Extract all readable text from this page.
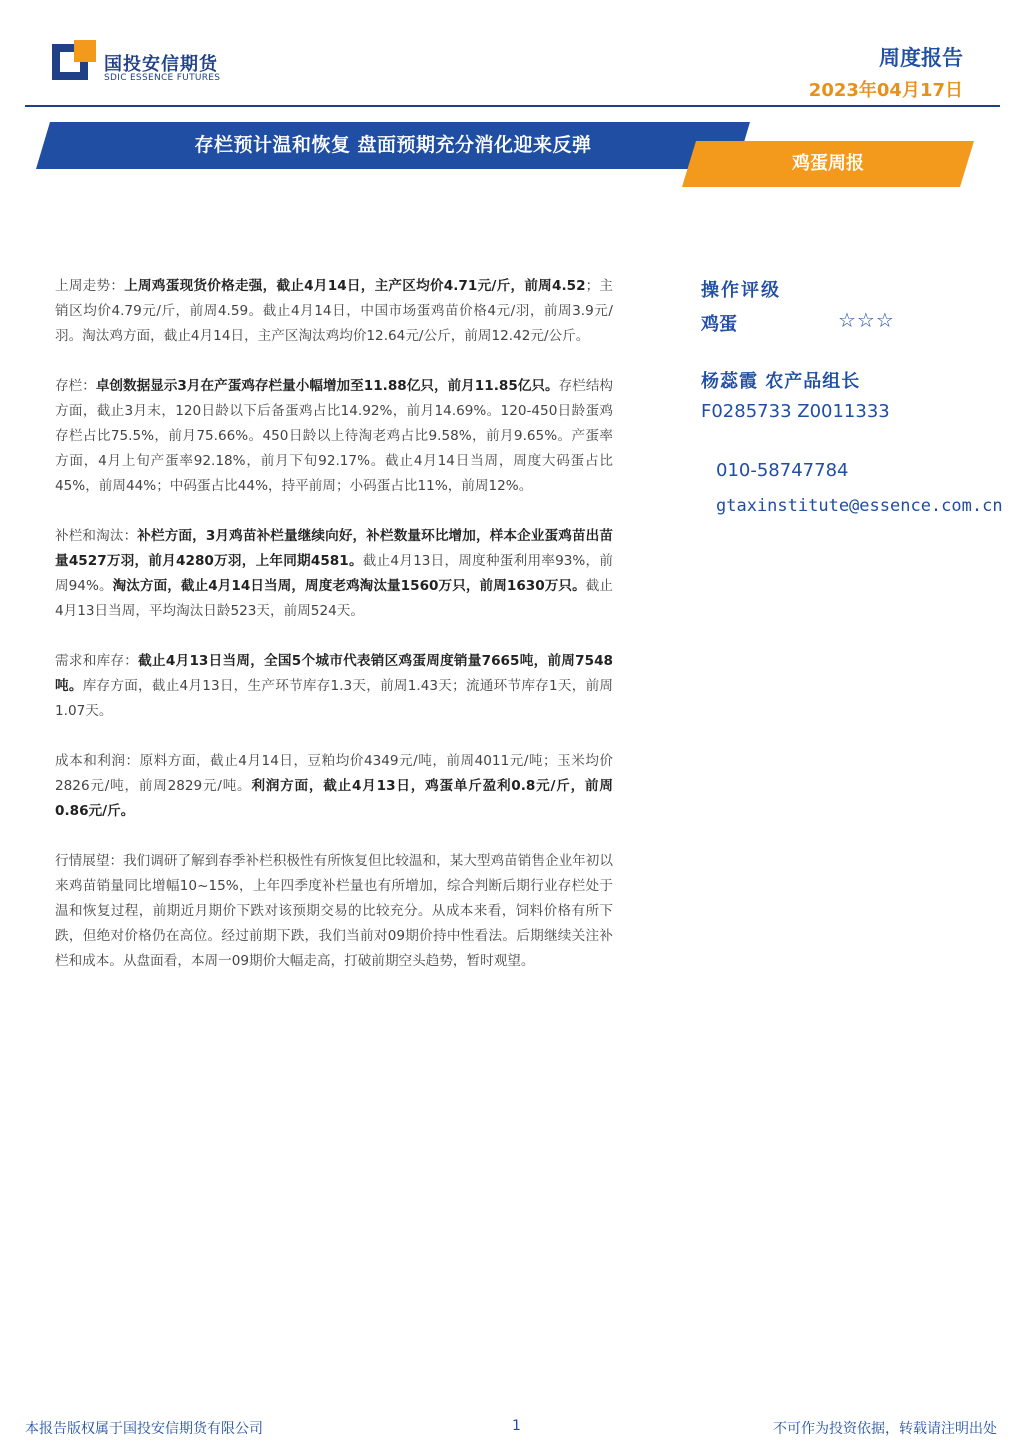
国投安信期货
SDIC ESSENCE FUTURES
周度报告
2023年04月17日
存栏预计温和恢复 盘面预期充分消化迎来反弹
鸡蛋周报

上周走势：上周鸡蛋现货价格走强，截止4月14日，主产区均价4.71元/斤，前周4.52；主销区均价4.79元/斤，前周4.59。截止4月14日，中国市场蛋鸡苗价格4元/羽，前周3.9元/羽。淘汰鸡方面，截止4月14日，主产区淘汰鸡均价12.64元/公斤，前周12.42元/公斤。

存栏：卓创数据显示3月在产蛋鸡存栏量小幅增加至11.88亿只，前月11.85亿只。存栏结构方面，截止3月末，120日龄以下后备蛋鸡占比14.92%，前月14.69%。120-450日龄蛋鸡存栏占比75.5%，前月75.66%。450日龄以上待淘老鸡占比9.58%，前月9.65%。产蛋率方面，4月上旬产蛋率92.18%，前月下旬92.17%。截止4月14日当周，周度大码蛋占比45%，前周44%；中码蛋占比44%，持平前周；小码蛋占比11%，前周12%。

补栏和淘汰：补栏方面，3月鸡苗补栏量继续向好，补栏数量环比增加，样本企业蛋鸡苗出苗量4527万羽，前月4280万羽，上年同期4581。截止4月13日，周度种蛋利用率93%，前周94%。淘汰方面，截止4月14日当周，周度老鸡淘汰量1560万只，前周1630万只。截止4月13日当周，平均淘汰日龄523天，前周524天。

需求和库存：截止4月13日当周，全国5个城市代表销区鸡蛋周度销量7665吨，前周7548吨。库存方面，截止4月13日，生产环节库存1.3天，前周1.43天；流通环节库存1天，前周1.07天。

成本和利润：原料方面，截止4月14日，豆粕均价4349元/吨，前周4011元/吨；玉米均价2826元/吨，前周2829元/吨。利润方面，截止4月13日，鸡蛋单斤盈利0.8元/斤，前周0.86元/斤。

行情展望：我们调研了解到春季补栏积极性有所恢复但比较温和，某大型鸡苗销售企业年初以来鸡苗销量同比增幅10~15%，上年四季度补栏量也有所增加，综合判断后期行业存栏处于温和恢复过程，前期近月期价下跌对该预期交易的比较充分。从成本来看，饲料价格有所下跌，但绝对价格仍在高位。经过前期下跌，我们当前对09期价持中性看法。后期继续关注补栏和成本。从盘面看，本周一09期价大幅走高，打破前期空头趋势，暂时观望。

操作评级
鸡蛋	☆☆☆
杨蕊霞 农产品组长
F0285733 Z0011333
010-58747784
gtaxinstitute@essence.com.cn
本报告版权属于国投安信期货有限公司	1	不可作为投资依据，转载请注明出处
